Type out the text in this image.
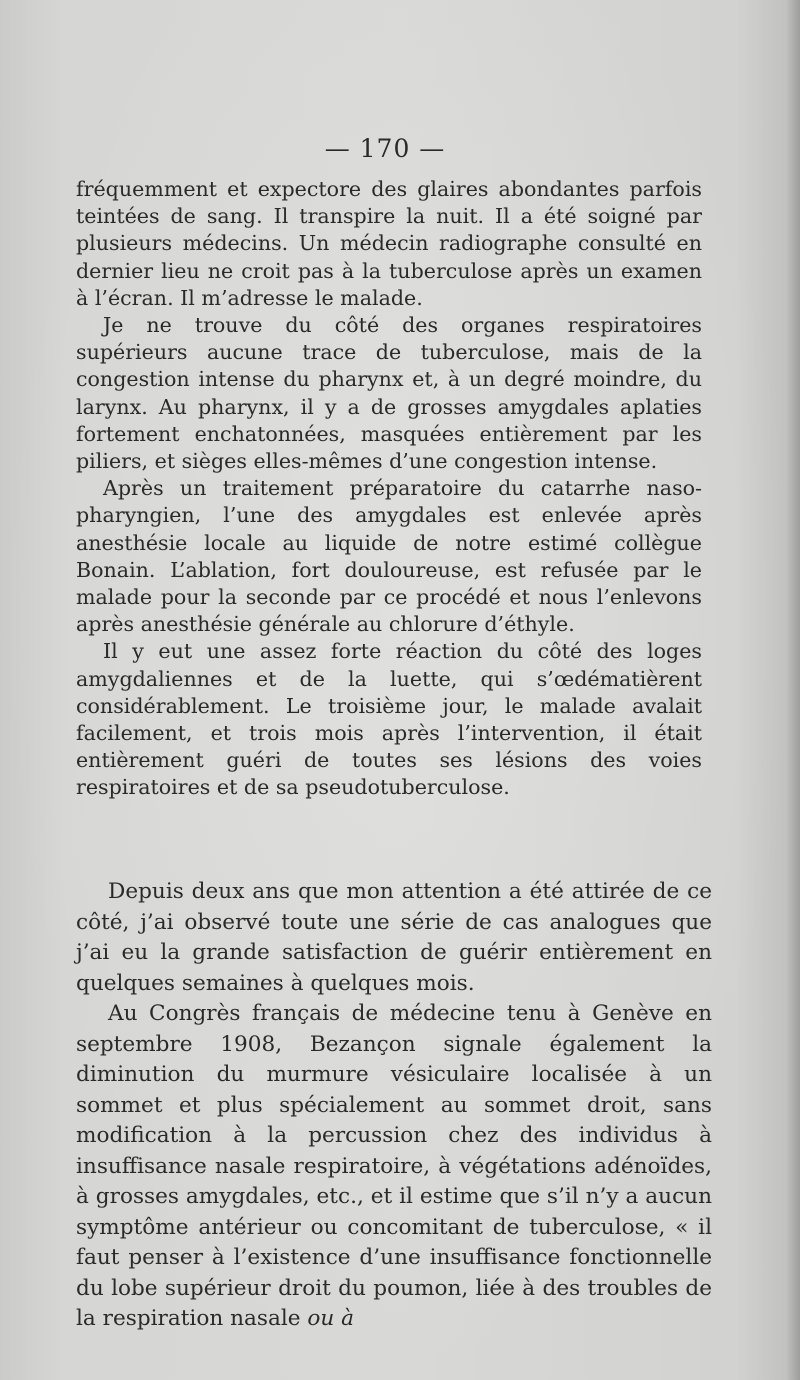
— 170 —

fréquemment et expectore des glaires abondantes parfois teintées de sang. Il transpire la nuit. Il a été soigné par plusieurs médecins. Un médecin radiographe consulté en dernier lieu ne croit pas à la tuberculose après un examen à l’écran. Il m’adresse le malade.

Je ne trouve du côté des organes respiratoires supérieurs aucune trace de tuberculose, mais de la congestion intense du pharynx et, à un degré moindre, du larynx. Au pharynx, il y a de grosses amygdales aplaties fortement enchatonnées, masquées entièrement par les piliers, et sièges elles-mêmes d’une congestion intense.

Après un traitement préparatoire du catarrhe naso-pharyngien, l’une des amygdales est enlevée après anesthésie locale au liquide de notre estimé collègue Bonain. L’ablation, fort douloureuse, est refusée par le malade pour la seconde par ce procédé et nous l’enlevons après anesthésie générale au chlorure d’éthyle.

Il y eut une assez forte réaction du côté des loges amygdaliennes et de la luette, qui s’œdématièrent considérablement. Le troisième jour, le malade avalait facilement, et trois mois après l’intervention, il était entièrement guéri de toutes ses lésions des voies respiratoires et de sa pseudotuberculose.

Depuis deux ans que mon attention a été attirée de ce côté, j’ai observé toute une série de cas analogues que j’ai eu la grande satisfaction de guérir entièrement en quelques semaines à quelques mois.

Au Congrès français de médecine tenu à Genève en septembre 1908, Bezançon signale également la diminution du murmure vésiculaire localisée à un sommet et plus spécialement au sommet droit, sans modification à la percussion chez des individus à insuffisance nasale respiratoire, à végétations adénoïdes, à grosses amygdales, etc., et il estime que s’il n’y a aucun symptôme antérieur ou concomitant de tuberculose, « il faut penser à l’existence d’une insuffisance fonctionnelle du lobe supérieur droit du poumon, liée à des troubles de la respiration nasale ou à
